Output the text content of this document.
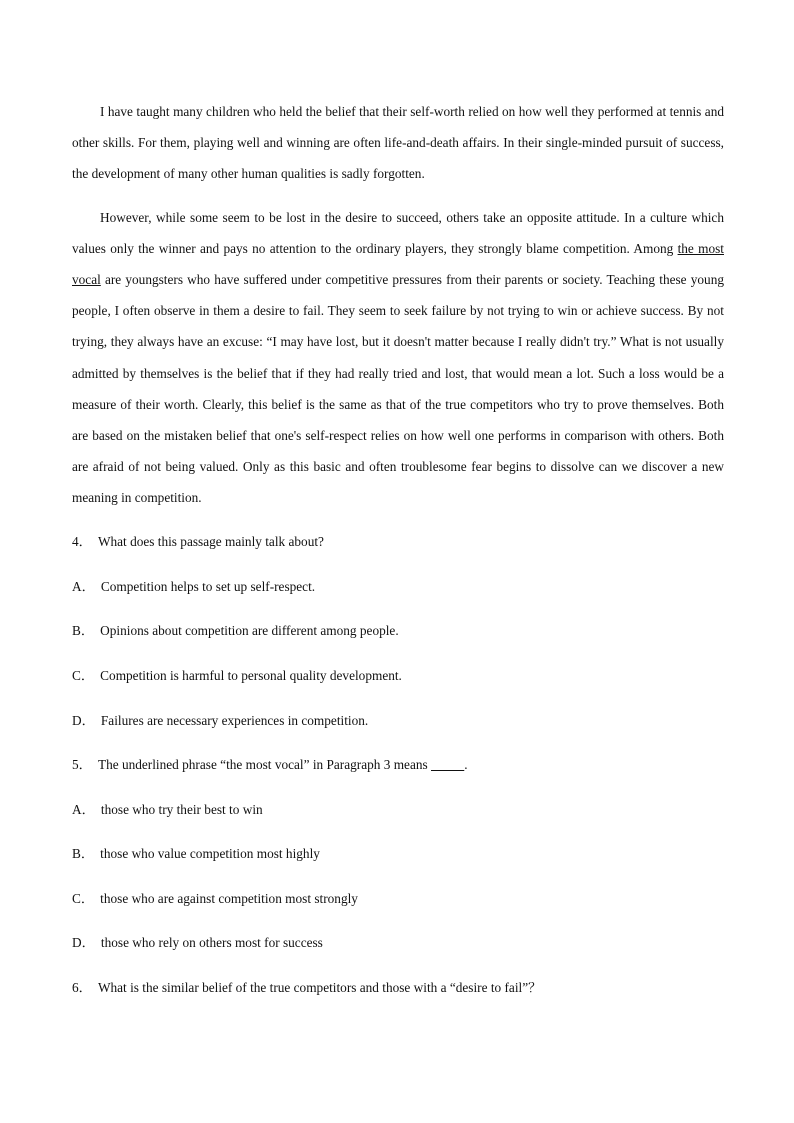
I have taught many children who held the belief that their self-worth relied on how well they performed at tennis and other skills. For them, playing well and winning are often life-and-death affairs. In their single-minded pursuit of success, the development of many other human qualities is sadly forgotten.

However, while some seem to be lost in the desire to succeed, others take an opposite attitude. In a culture which values only the winner and pays no attention to the ordinary players, they strongly blame competition. Among the most vocal are youngsters who have suffered under competitive pressures from their parents or society. Teaching these young people, I often observe in them a desire to fail. They seem to seek failure by not trying to win or achieve success. By not trying, they always have an excuse: “I may have lost, but it doesn't matter because I really didn't try.” What is not usually admitted by themselves is the belief that if they had really tried and lost, that would mean a lot. Such a loss would be a measure of their worth. Clearly, this belief is the same as that of the true competitors who try to prove themselves. Both are based on the mistaken belief that one's self-respect relies on how well one performs in comparison with others. Both are afraid of not being valued. Only as this basic and often troublesome fear begins to dissolve can we discover a new meaning in competition.

4． What does this passage mainly talk about?

A． Competition helps to set up self-respect.

B． Opinions about competition are different among people.

C． Competition is harmful to personal quality development.

D． Failures are necessary experiences in competition.

5． The underlined phrase “the most vocal” in Paragraph 3 means	.

A． those who try their best to win

B． those who value competition most highly

C． those who are against competition most strongly

D． those who rely on others most for success

6． What is the similar belief of the true competitors and those with a “desire to fail”？
